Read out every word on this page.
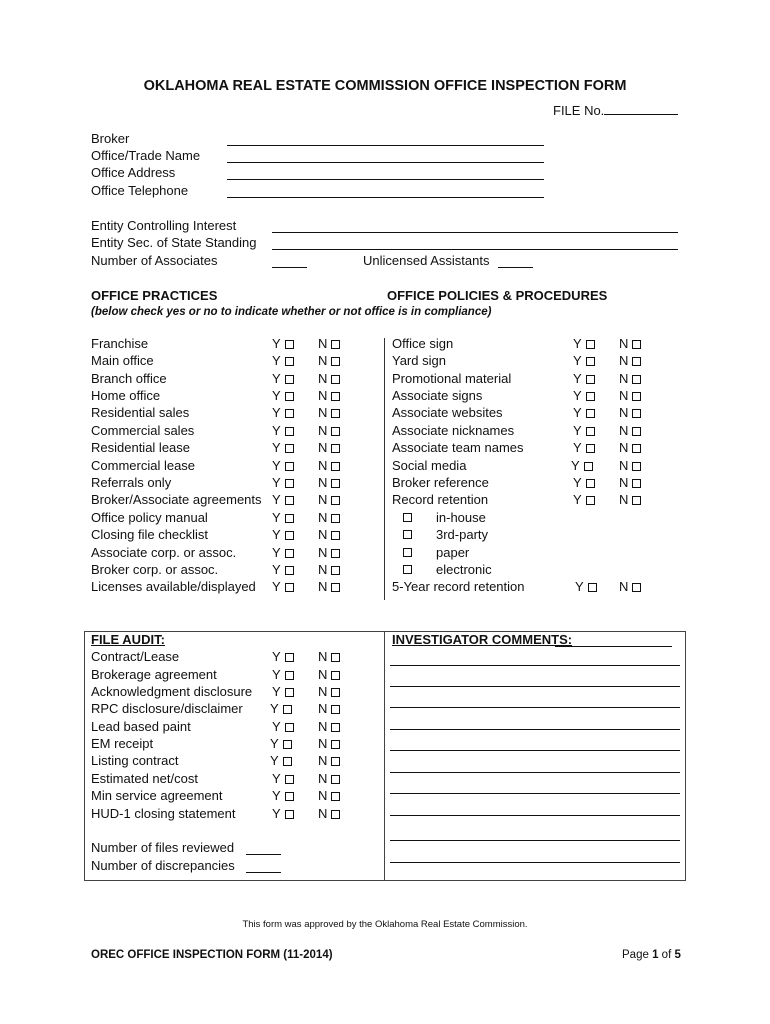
OKLAHOMA REAL ESTATE COMMISSION OFFICE INSPECTION FORM
FILE No.
Broker
Office/Trade Name
Office Address
Office Telephone
Entity Controlling Interest
Entity Sec. of State Standing
Number of Associates	Unlicensed Assistants
OFFICE PRACTICES	OFFICE POLICIES & PROCEDURES
(below check yes or no to indicate whether or not office is in compliance)
Franchise	Y	N
Main office	Y	N
Branch office	Y	N
Home office	Y	N
Residential sales	Y	N
Commercial sales	Y	N
Residential lease	Y	N
Commercial lease	Y	N
Referrals only	Y	N
Broker/Associate agreements Y	N
Office policy manual	Y	N
Closing file checklist	Y	N
Associate corp. or assoc.	Y	N
Broker corp. or assoc.	Y	N
Licenses available/displayed Y	N
Office sign	Y	N
Yard sign	Y	N
Promotional material	Y	N
Associate signs	Y	N
Associate websites	Y	N
Associate nicknames	Y	N
Associate team names	Y	N
Social media	Y	N
Broker reference	Y	N
Record retention	Y	N
in-house
3rd-party
paper
electronic
5-Year record retention	Y	N
FILE AUDIT:
Contract/Lease	Y	N
Brokerage agreement	Y	N
Acknowledgment disclosure Y	N
RPC disclosure/disclaimer Y	N
Lead based paint	Y	N
EM receipt	Y	N
Listing contract	Y	N
Estimated net/cost	Y	N
Min service agreement	Y	N
HUD-1 closing statement	Y	N
Number of files reviewed
Number of discrepancies
INVESTIGATOR COMMENTS:
This form was approved by the Oklahoma Real Estate Commission.
OREC OFFICE INSPECTION FORM (11-2014)	Page 1 of 5
